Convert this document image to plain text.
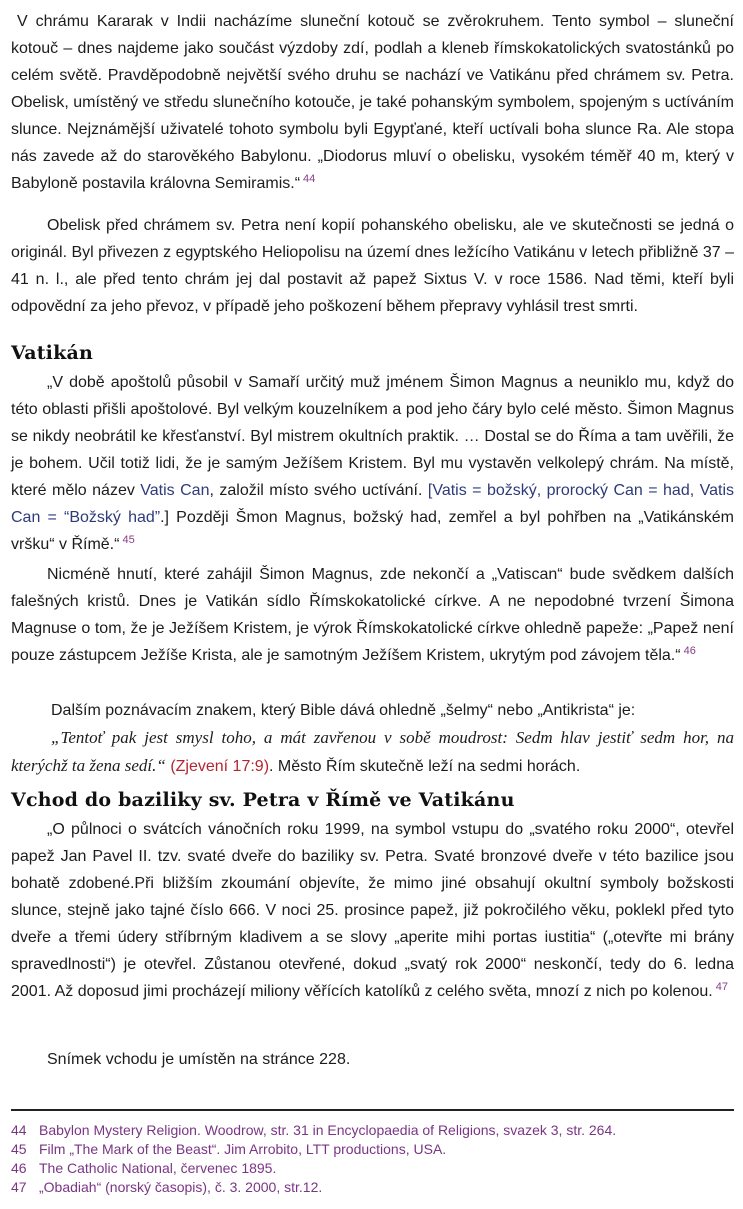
V chrámu Kararak v Indii nacházíme sluneční kotouč se zvěrokruhem. Tento symbol – sluneční kotouč – dnes najdeme jako součást výzdoby zdí, podlah a kleneb římskokatolických svatostánků po celém světě. Pravděpodobně největší svého druhu se nachází ve Vatikánu před chrámem sv. Petra. Obelisk, umístěný ve středu slunečního kotouče, je také pohanským symbolem, spojeným s uctíváním slunce. Nejznámější uživatelé tohoto symbolu byli Egypťané, kteří uctívali boha slunce Ra. Ale stopa nás zavede až do starověkého Babylonu. „Diodorus mluví o obelisku, vysokém téměř 40 m, který v Babyloně postavila královna Semiramis.“ $^{44}$

Obelisk před chrámem sv. Petra není kopií pohanského obelisku, ale ve skutečnosti se jedná o originál. Byl přivezen z egyptského Heliopolisu na území dnes ležícího Vatikánu v letech přibližně 37 – 41 n. l., ale před tento chrám jej dal postavit až papež Sixtus V. v roce 1586. Nad těmi, kteří byli odpovědní za jeho převoz, v případě jeho poškození během přepravy vyhlásil trest smrti.

Vatikán

„V době apoštolů působil v Samaří určitý muž jménem Šimon Magnus a neuniklo mu, když do této oblasti přišli apoštolové. Byl velkým kouzelníkem a pod jeho čáry bylo celé město. Šimon Magnus se nikdy neobrátil ke křesťanství. Byl mistrem okultních praktik. … Dostal se do Říma a tam uvěřili, že je bohem. Učil totiž lidi, že je samým Ježíšem Kristem. Byl mu vystavěn velkolepý chrám. Na místě, které mělo název Vatis Can, založil místo svého uctívání. [Vatis = božský, prorocký Can = had, Vatis Can = “Božský had”.] Později Šmon Magnus, božský had, zemřel a byl pohřben na „Vatikánském vršku“ v Římě.“ $^{45}$

Nicméně hnutí, které zahájil Šimon Magnus, zde nekončí a „Vatiscan“ bude svědkem dalších falešných kristů. Dnes je Vatikán sídlo Římskokatolické církve. A ne nepodobné tvrzení Šimona Magnuse o tom, že je Ježíšem Kristem, je výrok Římskokatolické církve ohledně papeže: „Papež není pouze zástupcem Ježíše Krista, ale je samotným Ježíšem Kristem, ukrytým pod závojem těla.“ $^{46}$

Dalším poznávacím znakem, který Bible dává ohledně „šelmy“ nebo „Antikrista“ je:

„Tentoť pak jest smysl toho, a mát zavřenou v sobě moudrost: Sedm hlav jestiť sedm hor, na kterýchž ta žena sedí.“ (Zjevení 17:9). Město Řím skutečně leží na sedmi horách.

Vchod do baziliky sv. Petra v Římě ve Vatikánu

„O půlnoci o svátcích vánočních roku 1999, na symbol vstupu do „svatého roku 2000“, otevřel papež Jan Pavel II. tzv. svaté dveře do baziliky sv. Petra. Svaté bronzové dveře v této bazilice jsou bohatě zdobené.Při bližším zkoumání objevíte, že mimo jiné obsahují okultní symboly božskosti slunce, stejně jako tajné číslo 666. V noci 25. prosince papež, již pokročilého věku, poklekl před tyto dveře a třemi údery stříbrným kladivem a se slovy „aperite mihi portas iustitia“ („otevřte mi brány spravedlnosti“) je otevřel. Zůstanou otevřené, dokud „svatý rok 2000“ neskončí, tedy do 6. ledna 2001. Až doposud jimi procházejí miliony věřících katolíků z celého světa, mnozí z nich po kolenou. $^{47}$

Snímek vchodu je umístěn na stránce 228.

44 Babylon Mystery Religion. Woodrow, str. 31 in Encyclopaedia of Religions, svazek 3, str. 264.
45 Film „The Mark of the Beast“. Jim Arrobito, LTT productions, USA.
46 The Catholic National, červenec 1895.
47 „Obadiah“ (norský časopis), č. 3. 2000, str.12.
